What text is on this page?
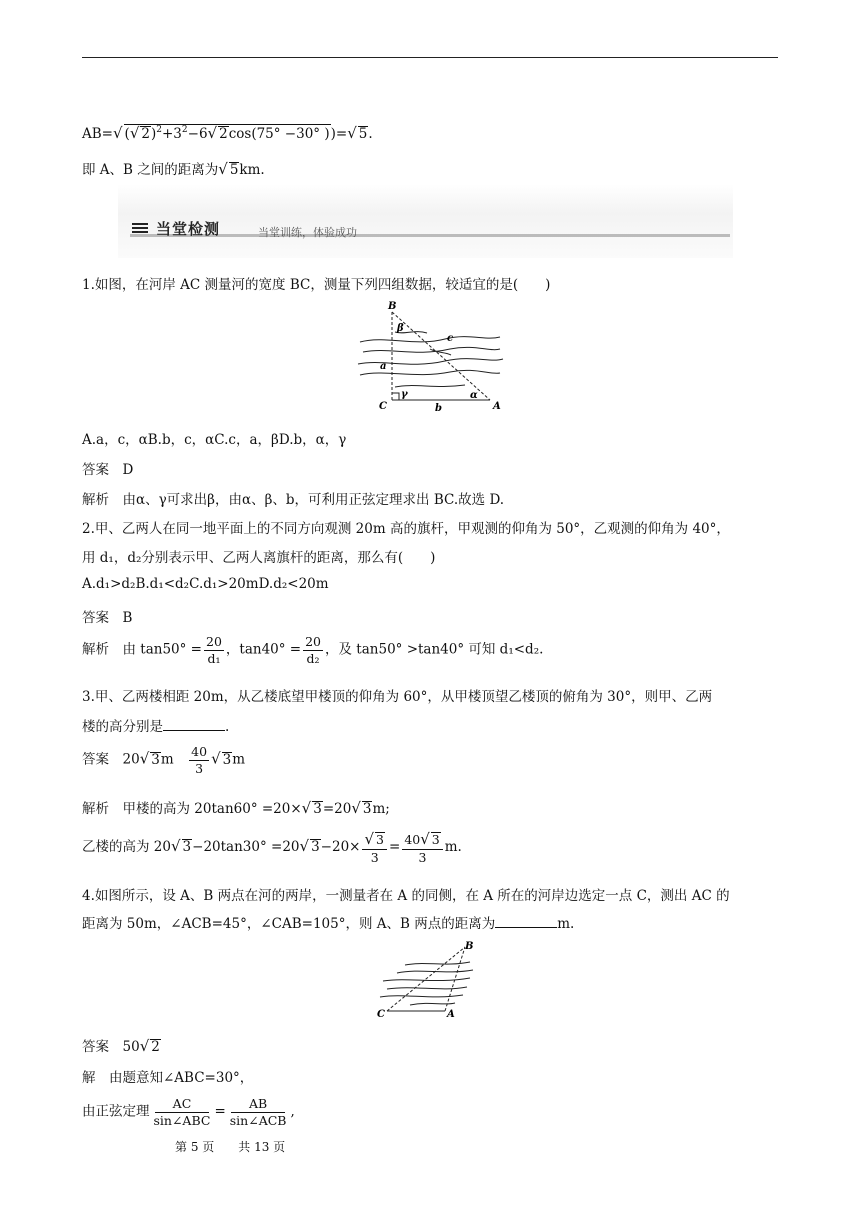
AB=√ (√ $2)^2+3^2-6√$ 2cos(75° −30° ))=√ 5.
即 A、B 之间的距离为√ 5km.
当堂检测	当堂训练，体验成功
1.如图，在河岸 AC 测量河的宽度 BC，测量下列四组数据，较适宜的是(　　)
B
β
c
a
C
γ
b
α
A
A.a，c，αB.b，c，αC.c，a，βD.b，α，γ
答案　 D
解析　 由α、γ可求出β，由α、β、b，可利用正弦定理求出 BC.故选 D.
2.甲、乙两人在同一地平面上的不同方向观测 20m 高的旗杆，甲观测的仰角为 50°，乙观测的仰角为 40°，
用 d₁，d₂分别表示甲、乙两人离旗杆的距离，那么有(　　)
A.d₁>d₂B.d₁<d₂C.d₁>20mD.d₂<20m
答案　 B
解析　 由 $\tan 50^\circ = \frac{20}{\text{d₁}}$ ，$\tan 40^\circ = \frac{20}{\text{d₂}}$ ，及 tan50° >tan40° 可知 d₁<d₂.
3.甲、乙两楼相距 20m，从乙楼底望甲楼顶的仰角为 60°，从甲楼顶望乙楼顶的俯角为 30°，则甲、乙两
楼的高分别是	.
答案　 20√ 3m　 $\frac{40}{3}$ √ 3m
解析　 甲楼的高为 20tan60° =20×√ 3=20√ 3m;
乙楼的高为 20√ 3−20tan30° =20√ $3-20\times \frac{√ 3}{3} = \frac{40√ 3}{3} m$.
4.如图所示，设 A、B 两点在河的两岸，一测量者在 A 的同侧，在 A 所在的河岸边选定一点 C，测出 AC 的
距离为 50m，∠ACB=45°，∠CAB=105°，则 A、B 两点的距离为	m.
B
C	A
答案　 50√ 2
解　 由题意知∠ABC=30°，
由正弦定理 $\frac{AC}{\text{sin∠ABC}} = \frac{AB}{\text{sin∠ACB}}$ ,
第 5 页　　共 13 页
